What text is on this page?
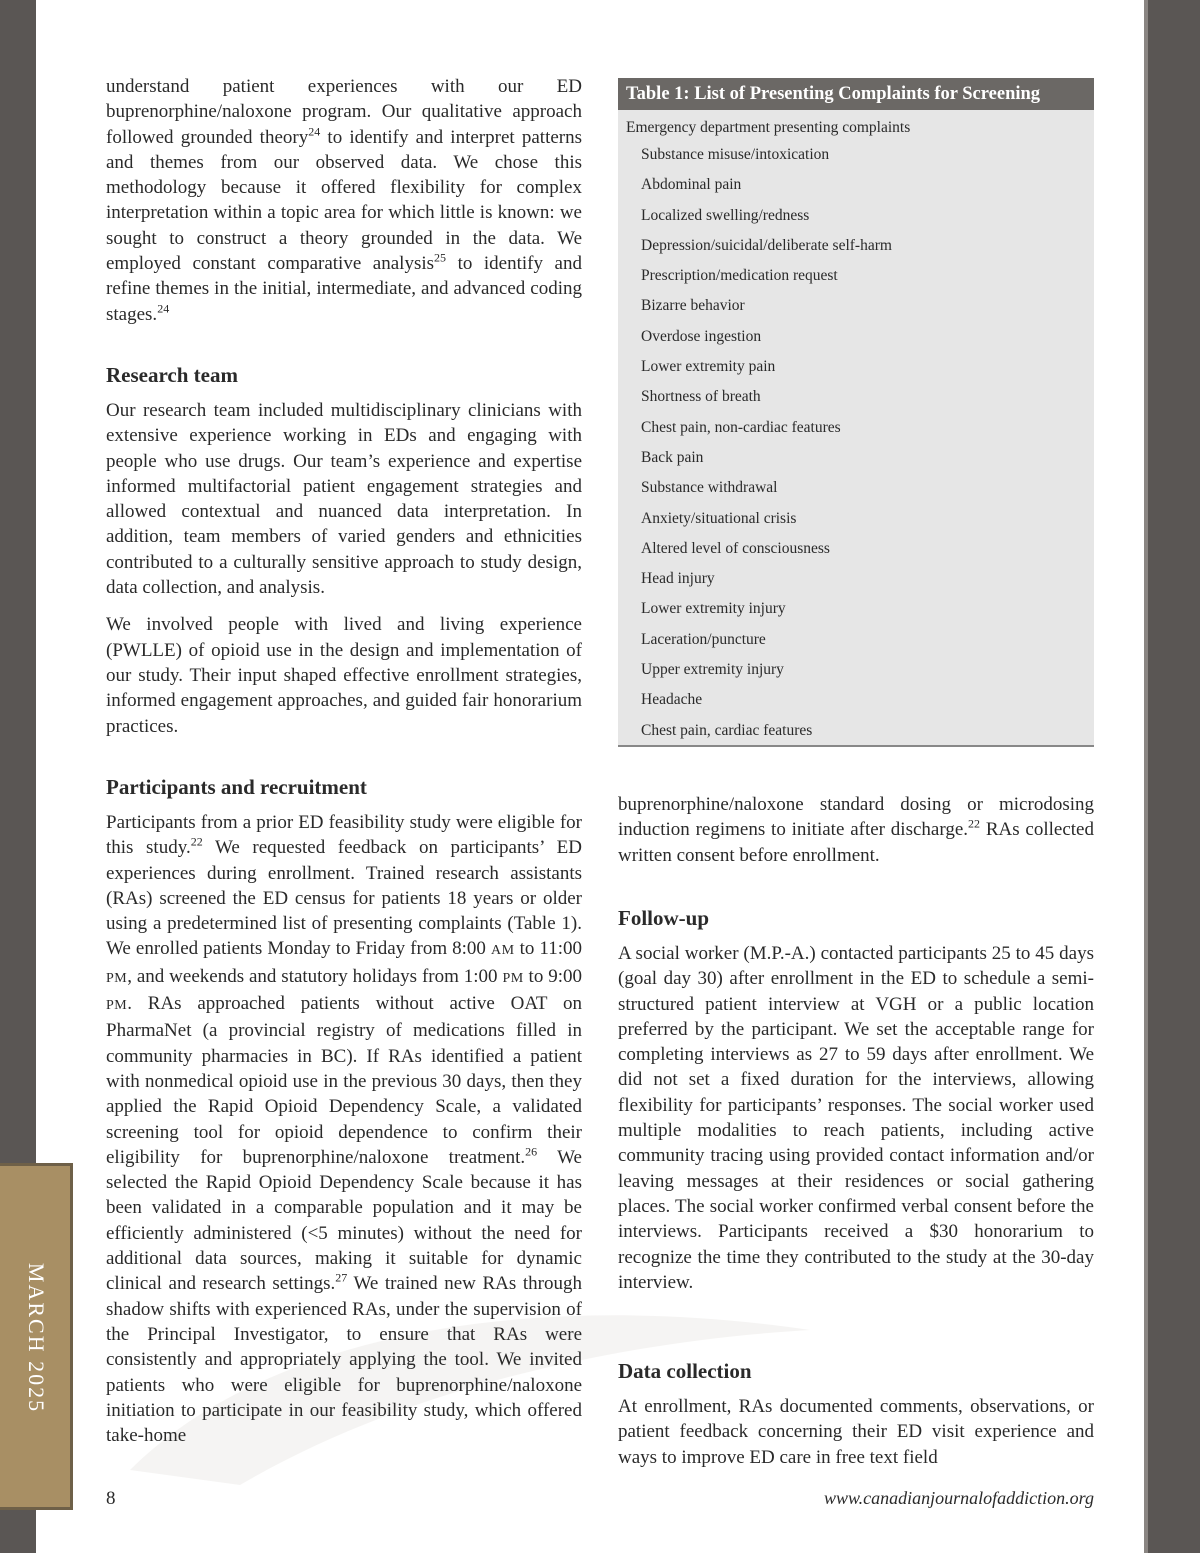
MARCH 2025

understand patient experiences with our ED buprenorphine/naloxone program. Our qualitative approach followed grounded theory$^{24}$ to identify and interpret patterns and themes from our observed data. We chose this methodology because it offered flexibility for complex interpretation within a topic area for which little is known: we sought to construct a theory grounded in the data. We employed constant comparative analysis$^{25}$ to identify and refine themes in the initial, intermediate, and advanced coding stages.$^{24}$

Research team

Our research team included multidisciplinary clinicians with extensive experience working in EDs and engaging with people who use drugs. Our team’s experience and expertise informed multifactorial patient engagement strategies and allowed contextual and nuanced data interpretation. In addition, team members of varied genders and ethnicities contributed to a culturally sensitive approach to study design, data collection, and analysis.

We involved people with lived and living experience (PWLLE) of opioid use in the design and implementation of our study. Their input shaped effective enrollment strategies, informed engagement approaches, and guided fair honorarium practices.

Participants and recruitment

Participants from a prior ED feasibility study were eligible for this study.$^{22}$ We requested feedback on participants’ ED experiences during enrollment. Trained research assistants (RAs) screened the ED census for patients 18 years or older using a predetermined list of presenting complaints (Table 1). We enrolled patients Monday to Friday from 8:00 AM to 11:00 PM, and weekends and statutory holidays from 1:00 PM to 9:00 PM. RAs approached patients without active OAT on PharmaNet (a provincial registry of medications filled in community pharmacies in BC). If RAs identified a patient with nonmedical opioid use in the previous 30 days, then they applied the Rapid Opioid Dependency Scale, a validated screening tool for opioid dependence to confirm their eligibility for buprenorphine/naloxone treatment.$^{26}$ We selected the Rapid Opioid Dependency Scale because it has been validated in a comparable population and it may be efficiently administered (<5 minutes) without the need for additional data sources, making it suitable for dynamic clinical and research settings.$^{27}$ We trained new RAs through shadow shifts with experienced RAs, under the supervision of the Principal Investigator, to ensure that RAs were consistently and appropriately applying the tool. We invited patients who were eligible for buprenorphine/naloxone initiation to participate in our feasibility study, which offered take-home

Table 1: List of Presenting Complaints for Screening
Emergency department presenting complaints
Substance misuse/intoxication
Abdominal pain
Localized swelling/redness
Depression/suicidal/deliberate self-harm
Prescription/medication request
Bizarre behavior
Overdose ingestion
Lower extremity pain
Shortness of breath
Chest pain, non-cardiac features
Back pain
Substance withdrawal
Anxiety/situational crisis
Altered level of consciousness
Head injury
Lower extremity injury
Laceration/puncture
Upper extremity injury
Headache
Chest pain, cardiac features

buprenorphine/naloxone standard dosing or microdosing induction regimens to initiate after discharge.$^{22}$ RAs collected written consent before enrollment.

Follow-up

A social worker (M.P.-A.) contacted participants 25 to 45 days (goal day 30) after enrollment in the ED to schedule a semi-structured patient interview at VGH or a public location preferred by the participant. We set the acceptable range for completing interviews as 27 to 59 days after enrollment. We did not set a fixed duration for the interviews, allowing flexibility for participants’ responses. The social worker used multiple modalities to reach patients, including active community tracing using provided contact information and/or leaving messages at their residences or social gathering places. The social worker confirmed verbal consent before the interviews. Participants received a $30 honorarium to recognize the time they contributed to the study at the 30-day interview.

Data collection

At enrollment, RAs documented comments, observations, or patient feedback concerning their ED visit experience and ways to improve ED care in free text field

8	www.canadianjournalofaddiction.org
